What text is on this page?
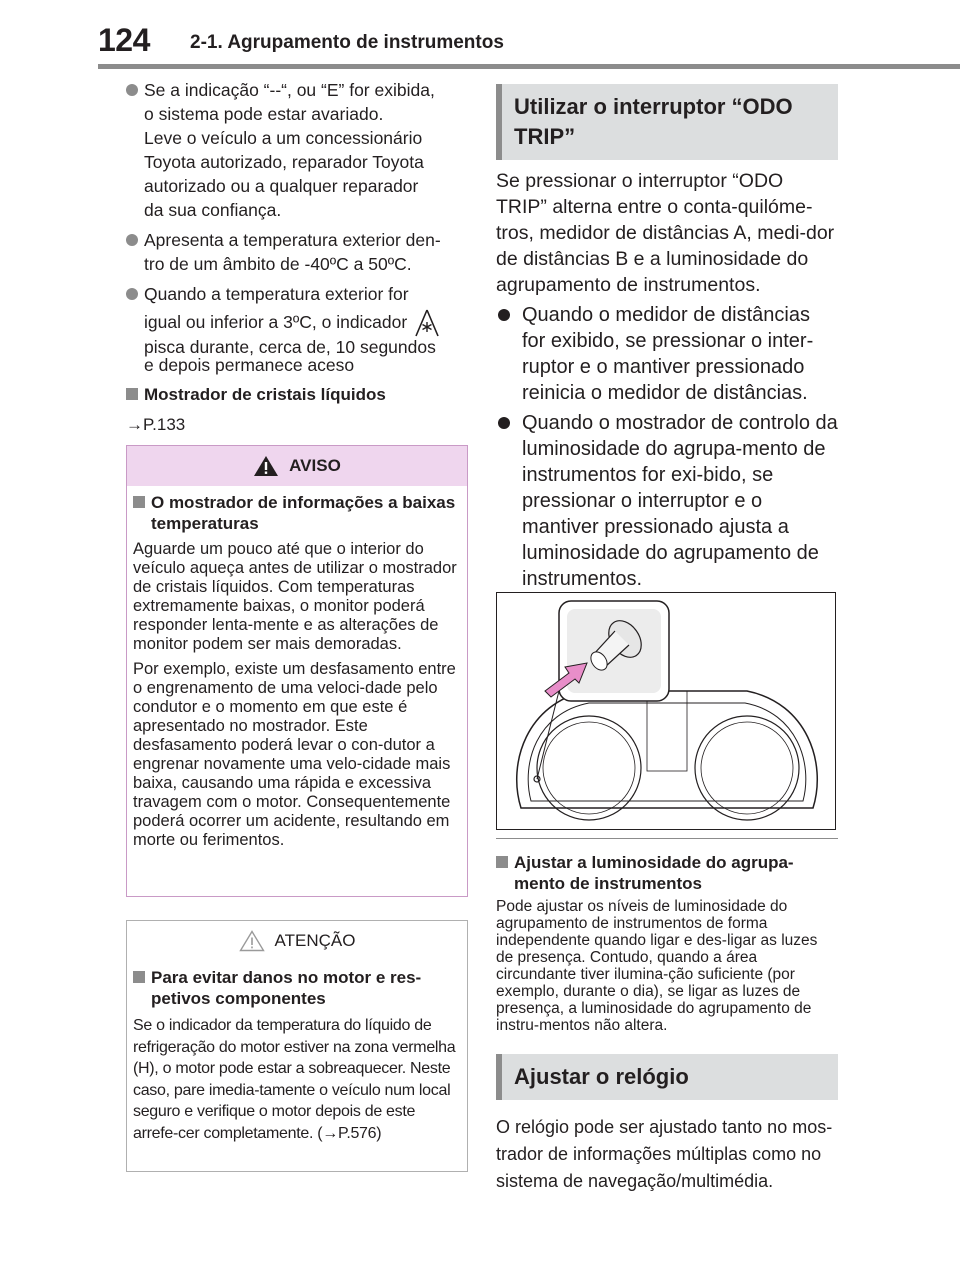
124 2-1. Agrupamento de instrumentos

Se a indicação “--“, ou “E” for exibida,

o sistema pode estar avariado.

Leve o veículo a um concessionário

Toyota autorizado, reparador Toyota

autorizado ou a qualquer reparador

da sua confiança.

Apresenta a temperatura exterior den-

tro de um âmbito de -40ºC a 50ºC.

Quando a temperatura exterior for

igual ou inferior a 3ºC, o indicador

pisca durante, cerca de, 10 segundos

e depois permanece aceso

Mostrador de cristais líquidos

→P.133

AVISO
O mostrador de informações a baixas temperaturas

Aguarde um pouco até que o interior do veículo aqueça antes de utilizar o mostrador de cristais líquidos. Com temperaturas extremamente baixas, o monitor poderá responder lenta-mente e as alterações de monitor podem ser mais demoradas.

Por exemplo, existe um desfasamento entre o engrenamento de uma veloci-dade pelo condutor e o momento em que este é apresentado no mostrador. Este desfasamento poderá levar o con-dutor a engrenar novamente uma velo-cidade mais baixa, causando uma rápida e excessiva travagem com o motor. Consequentemente poderá ocorrer um acidente, resultando em morte ou ferimentos.

ATENÇÃO
Para evitar danos no motor e res-petivos componentes

Se o indicador da temperatura do líquido de refrigeração do motor estiver na zona vermelha (H), o motor pode estar a sobreaquecer. Neste caso, pare imedia-tamente o veículo num local seguro e verifique o motor depois de este arrefe-cer completamente. (→P.576)

Utilizar o interruptor “ODO TRIP”

Se pressionar o interruptor “ODO TRIP” alterna entre o conta-quilóme-tros, medidor de distâncias A, medi-dor de distâncias B e a luminosidade do agrupamento de instrumentos.

Quando o medidor de distâncias for exibido, se pressionar o inter-ruptor e o mantiver pressionado reinicia o medidor de distâncias.
Quando o mostrador de controlo da luminosidade do agrupa-mento de instrumentos for exi-bido, se pressionar o interruptor e o mantiver pressionado ajusta a luminosidade do agrupamento de instrumentos.
Ajustar a luminosidade do agrupa-mento de instrumentos

Pode ajustar os níveis de luminosidade do agrupamento de instrumentos de forma independente quando ligar e des-ligar as luzes de presença. Contudo, quando a área circundante tiver ilumina-ção suficiente (por exemplo, durante o dia), se ligar as luzes de presença, a luminosidade do agrupamento de instru-mentos não altera.

Ajustar o relógio

O relógio pode ser ajustado tanto no mos-trador de informações múltiplas como no sistema de navegação/multimédia.
